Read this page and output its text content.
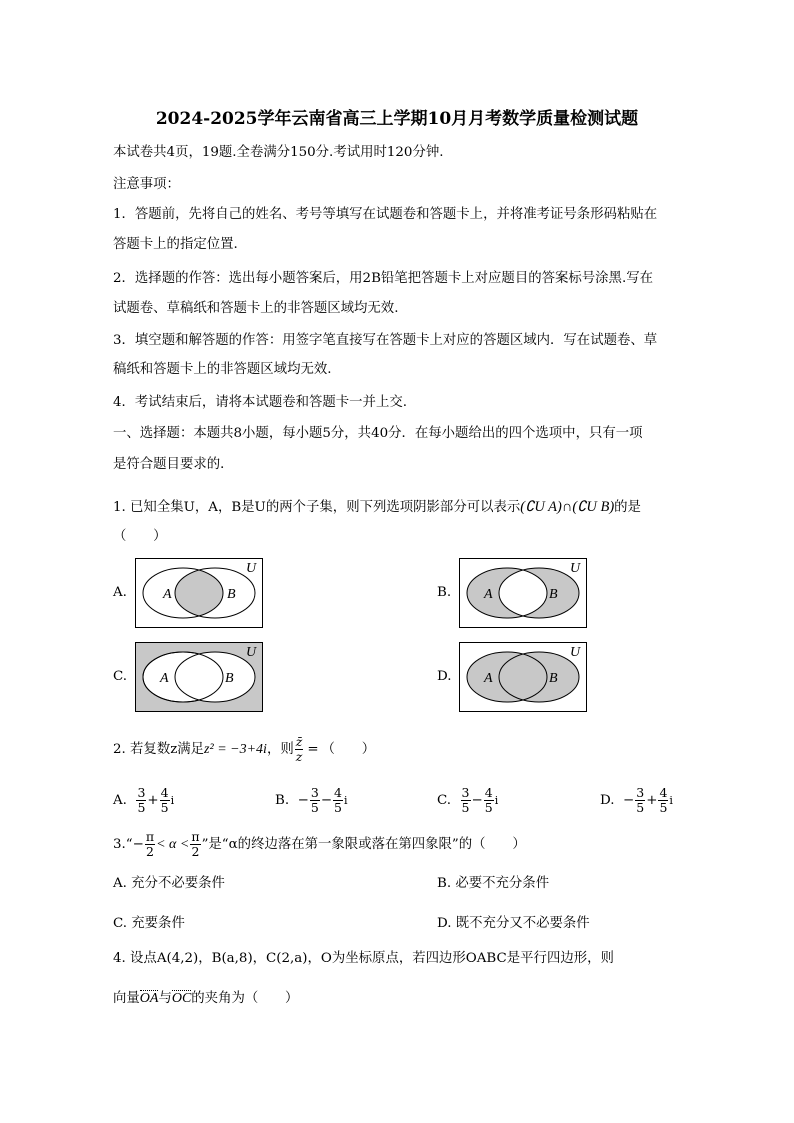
2024-2025学年云南省高三上学期10月月考数学质量检测试题
本试卷共4页，19题.全卷满分150分.考试用时120分钟.
注意事项：
1．答题前，先将自己的姓名、考号等填写在试题卷和答题卡上，并将准考证号条形码粘贴在
答题卡上的指定位置.
2．选择题的作答：选出每小题答案后，用2B铅笔把答题卡上对应题目的答案标号涂黑.写在
试题卷、草稿纸和答题卡上的非答题区域均无效.
3．填空题和解答题的作答：用签字笔直接写在答题卡上对应的答题区域内．写在试题卷、草
稿纸和答题卡上的非答题区域均无效.
4．考试结束后，请将本试题卷和答题卡一并上交.
一、选择题：本题共8小题，每小题5分，共40分．在每小题给出的四个选项中，只有一项
是符合题目要求的．
1. 已知全集U，A，B是U的两个子集，则下列选项阴影部分可以表示(∁U A)∩(∁U B)的是
（　　）
A.	B.
C.	D.
A	B
U
A	B
U
A	B
U
A	B
U
2. 若复数z满足z² = −3+4i，则 $\frac{z̄}{z}$ = （　　）
A. $\frac{3}{5} + \frac{4}{5}$ i	B. − $\frac{3}{5} - \frac{4}{5}$ i	C. $\frac{3}{5} - \frac{4}{5}$ i	D. − $\frac{3}{5} + \frac{4}{5}$ i
3.“− $\frac{\pi}{2} < \alpha < \frac{\pi}{2}$ ”是“α的终边落在第一象限或落在第四象限”的（　　）
A. 充分不必要条件	B. 必要不充分条件
C. 充要条件	D. 既不充分又不必要条件
4. 设点A(4,2)，B(a,8)，C(2,a)，O为坐标原点，若四边形OABC是平行四边形，则
向量OA与OC的夹角为（　　）
